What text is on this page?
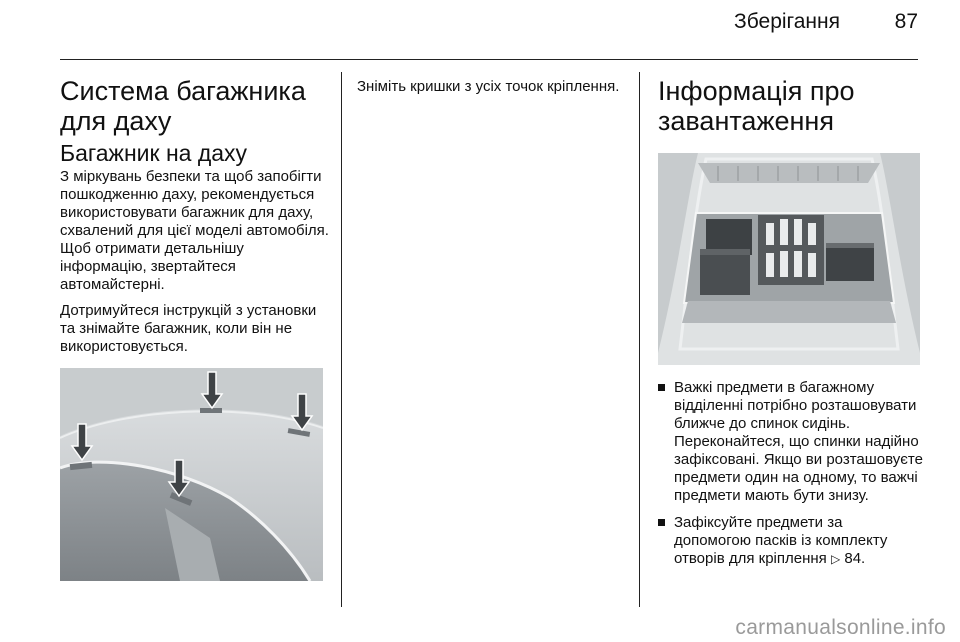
Зберігання	87
Система багажника для даху
Багажник на даху

З міркувань безпеки та щоб запобігти пошкодженню даху, рекомендується використовувати багажник для даху, схвалений для цієї моделі автомобіля. Щоб отримати детальнішу інформацію, звертайтеся автомайстерні.

Дотримуйтеся інструкцій з установки та знімайте багажник, коли він не використовується.

Зніміть кришки з усіх точок кріплення. Інформація про завантаження
Важкі предмети в багажному відділенні потрібно розташовувати ближче до спинок сидінь. Переконайтеся, що спинки надійно зафіксовані. Якщо ви розташовуєте предмети один на одному, то важчі предмети мають бути знизу.
Зафіксуйте предмети за допомогою пасків із комплекту отворів для кріплення ▷ 84.
carmanualsonline.info
